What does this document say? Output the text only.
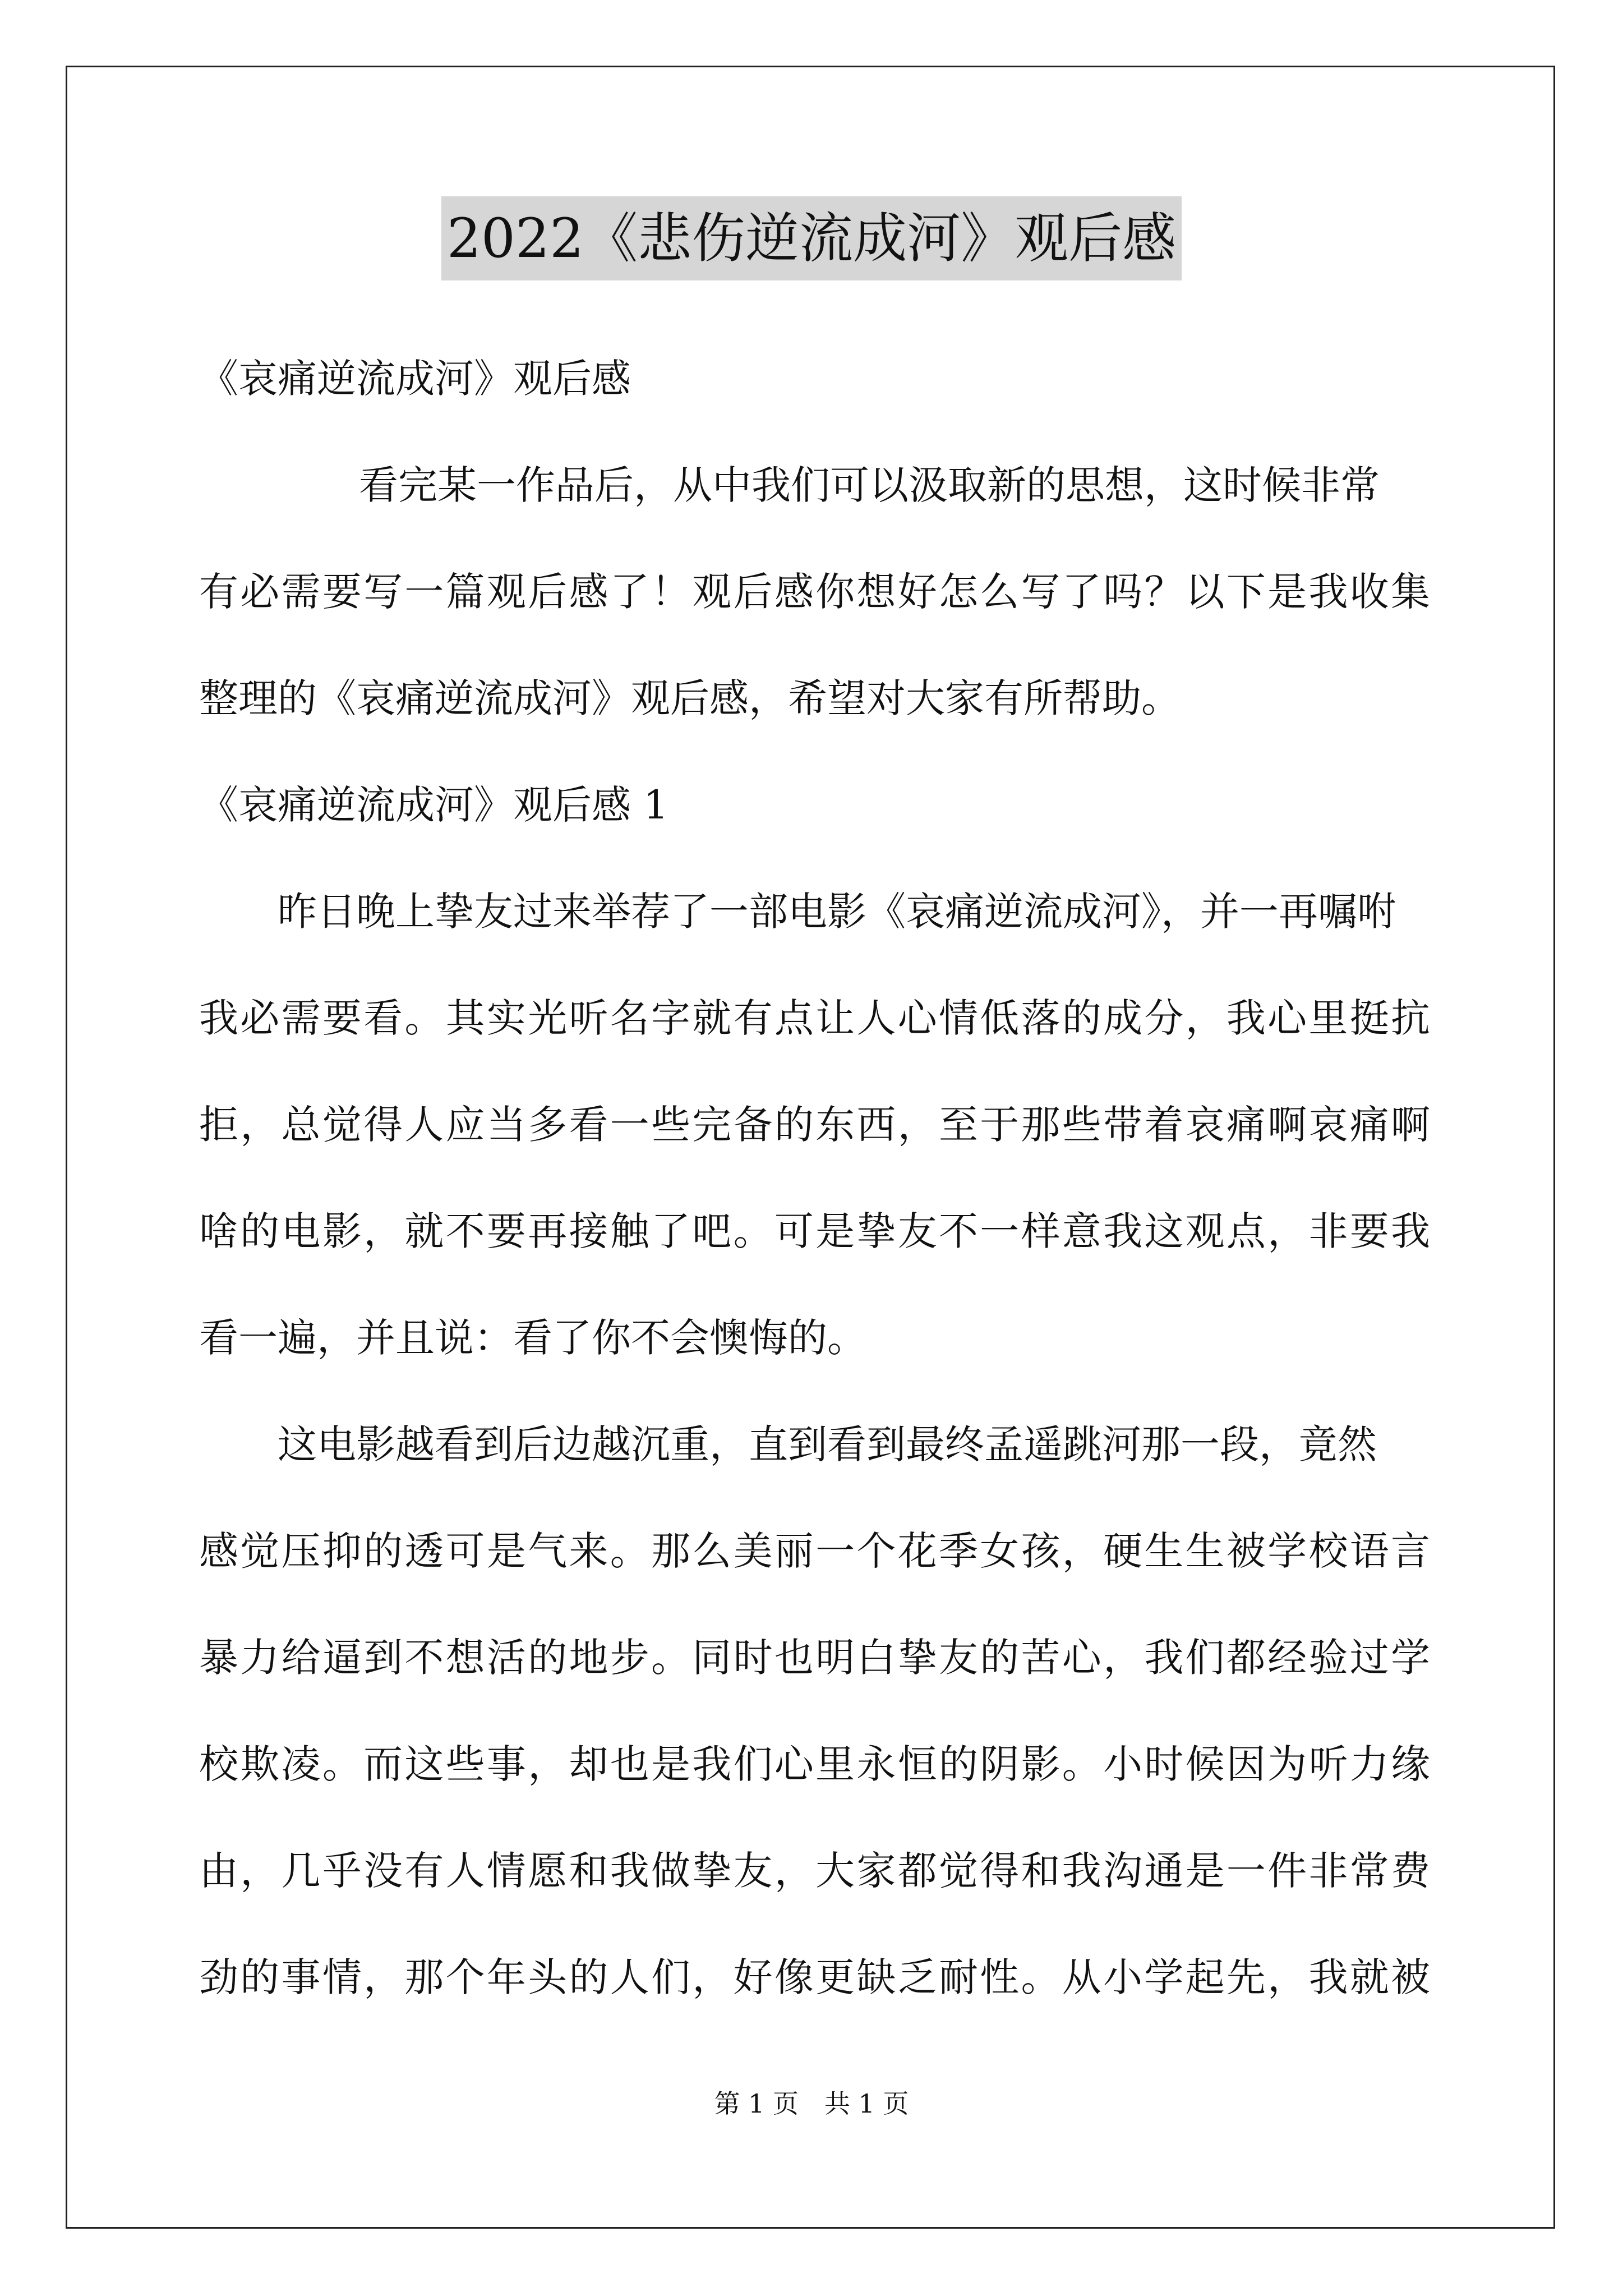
2022《悲伤逆流成河》观后感

《哀痛逆流成河》观后感

看完某一作品后，从中我们可以汲取新的思想，这时候非常

有必需要写一篇观后感了！观后感你想好怎么写了吗？以下是我收集

整理的《哀痛逆流成河》观后感，希望对大家有所帮助。

《哀痛逆流成河》观后感 1

昨日晚上挚友过来举荐了一部电影《哀痛逆流成河》，并一再嘱咐

我必需要看。其实光听名字就有点让人心情低落的成分，我心里挺抗

拒，总觉得人应当多看一些完备的东西，至于那些带着哀痛啊哀痛啊

啥的电影，就不要再接触了吧。可是挚友不一样意我这观点，非要我

看一遍，并且说：看了你不会懊悔的。

这电影越看到后边越沉重，直到看到最终孟遥跳河那一段，竟然

感觉压抑的透可是气来。那么美丽一个花季女孩，硬生生被学校语言

暴力给逼到不想活的地步。同时也明白挚友的苦心，我们都经验过学

校欺凌。而这些事，却也是我们心里永恒的阴影。小时候因为听力缘

由，几乎没有人情愿和我做挚友，大家都觉得和我沟通是一件非常费

劲的事情，那个年头的人们，好像更缺乏耐性。从小学起先，我就被

第 1 页　共 1 页
